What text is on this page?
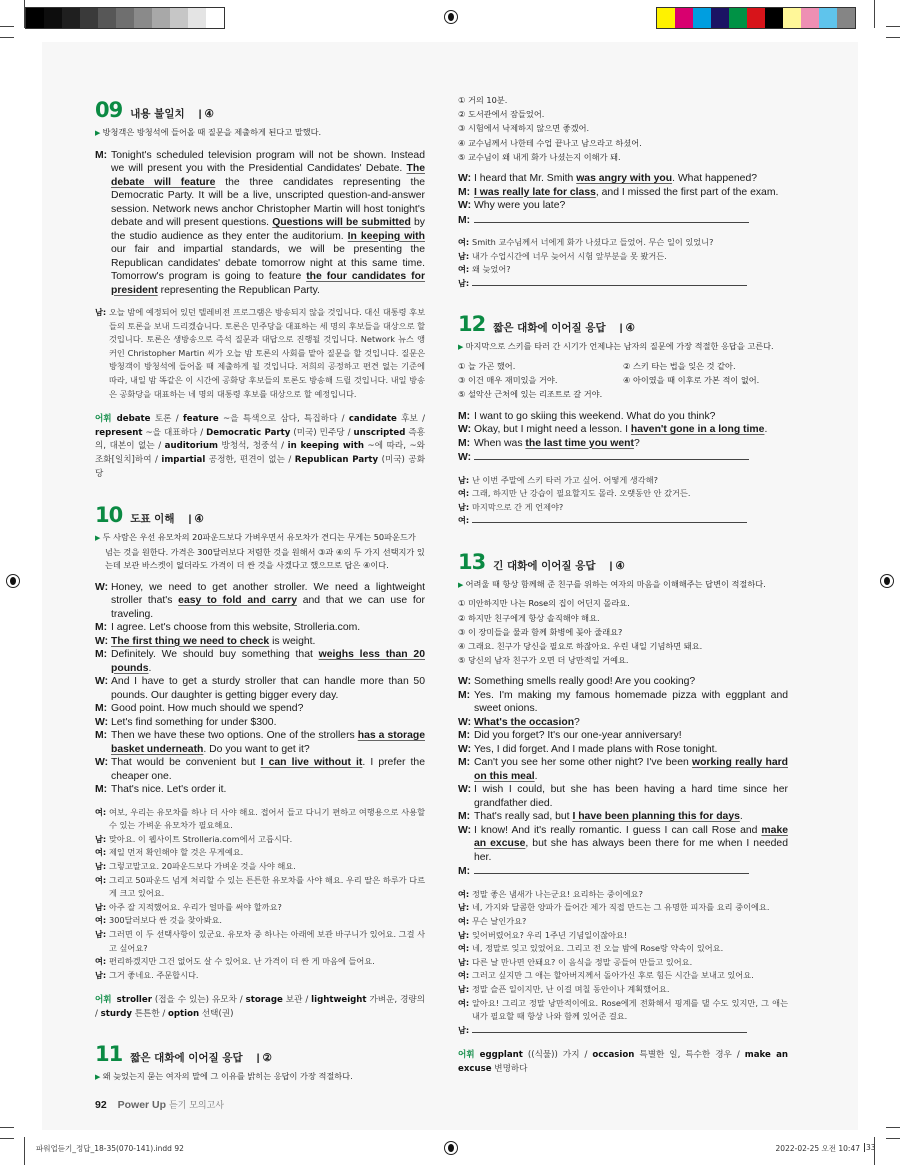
파워업듣기_정답_18-35(070-141).indd 92	2022-02-25 오전 10:47 33
09 내용 불일치 | ④
▶ 방청객은 방청석에 들어올 때 질문을 제출하게 된다고 말했다.
M: Tonight's scheduled television program will not be shown. Instead we will present you with the Presidential Candidates' Debate. The debate will feature the three candidates representing the Democratic Party. It will be a live, unscripted question-and-answer session. Network news anchor Christopher Martin will host tonight's debate and will present questions. Questions will be submitted by the studio audience as they enter the auditorium. In keeping with our fair and impartial standards, we will be presenting the Republican candidates' debate tomorrow night at this same time. Tomorrow's program is going to feature the four candidates for president representing the Republican Party.
남: 오늘 밤에 예정되어 있던 텔레비전 프로그램은 방송되지 않을 것입니다. 대신 대통령 후보들의 토론을 보내 드리겠습니다. 토론은 민주당을 대표하는 세 명의 후보들을 대상으로 할 것입니다. 토론은 생방송으로 즉석 질문과 대답으로 진행될 것입니다. Network 뉴스 앵커인 Christopher Martin 씨가 오늘 밤 토론의 사회를 맡아 질문을 할 것입니다. 질문은 방청객이 방청석에 들어올 때 제출하게 될 것입니다. 저희의 공정하고 편견 없는 기준에 따라, 내일 밤 똑같은 이 시간에 공화당 후보들의 토론도 방송해 드릴 것입니다. 내일 방송은 공화당을 대표하는 네 명의 대통령 후보를 대상으로 할 예정입니다.
어휘 debate 토론 / feature ~을 특색으로 삼다, 특집하다 / candidate 후보 / represent ~을 대표하다 / Democratic Party (미국) 민주당 / unscripted 즉흥의, 대본이 없는 / auditorium 방청석, 청중석 / in keeping with ~에 따라, ~와 조화[일치]하여 / impartial 공정한, 편견이 없는 / Republican Party (미국) 공화당
10 도표 이해 | ④
▶ 두 사람은 우선 유모차의 20파운드보다 가벼우면서 유모차가 견디는 무게는 50파운드가 넘는 것을 원한다. 가격은 300달러보다 저렴한 것을 원해서 ③과 ④의 두 가지 선택지가 있는데 보관 바스켓이 없더라도 가격이 더 싼 것을 사겠다고 했으므로 답은 ④이다.
W: Honey, we need to get another stroller. We need a lightweight stroller that's easy to fold and carry and that we can use for traveling.
M: I agree. Let's choose from this website, Strolleria.com.
W: The first thing we need to check is weight.
M: Definitely. We should buy something that weighs less than 20 pounds.
W: And I have to get a sturdy stroller that can handle more than 50 pounds. Our daughter is getting bigger every day.
M: Good point. How much should we spend?
W: Let's find something for under $300.
M: Then we have these two options. One of the strollers has a storage basket underneath. Do you want to get it?
W: That would be convenient but I can live without it. I prefer the cheaper one.
M: That's nice. Let's order it.
여: 여보, 우리는 유모차를 하나 더 사야 해요. 접어서 들고 다니기 편하고 여행용으로 사용할 수 있는 가벼운 유모차가 필요해요.
남: 맞아요. 이 웹사이트 Strolleria.com에서 고릅시다.
여: 제일 먼저 확인해야 할 것은 무게예요.
남: 그렇고말고요. 20파운드보다 가벼운 것을 사야 해요.
여: 그리고 50파운드 넘게 처리할 수 있는 튼튼한 유모차를 사야 해요. 우리 딸은 하루가 다르게 크고 있어요.
남: 아주 잘 지적했어요. 우리가 얼마를 써야 할까요?
여: 300달러보다 싼 것을 찾아봐요.
남: 그러면 이 두 선택사항이 있군요. 유모차 중 하나는 아래에 보관 바구니가 있어요. 그걸 사고 싶어요?
여: 편리하겠지만 그건 없어도 살 수 있어요. 난 가격이 더 싼 게 마음에 들어요.
남: 그거 좋네요. 주문합시다.
어휘 stroller (접을 수 있는) 유모차 / storage 보관 / lightweight 가벼운, 경량의 / sturdy 튼튼한 / option 선택(권)
11 짧은 대화에 이어질 응답 | ②
▶ 왜 늦었는지 묻는 여자의 말에 그 이유를 밝히는 응답이 가장 적절하다.
92 Power Up 듣기 모의고사
① 거의 10분.
② 도서관에서 잠들었어.
③ 시험에서 낙제하지 않으면 좋겠어.
④ 교수님께서 나한테 수업 끝나고 남으라고 하셨어.
⑤ 교수님이 왜 내게 화가 나셨는지 이해가 돼.
W: I heard that Mr. Smith was angry with you. What happened?
M: I was really late for class, and I missed the first part of the exam.
W: Why were you late?
M:
여: Smith 교수님께서 너에게 화가 나셨다고 들었어. 무슨 일이 있었니?
남: 내가 수업시간에 너무 늦어서 시험 앞부분을 못 봤거든.
여: 왜 늦었어?
남:
12 짧은 대화에 이어질 응답 | ④
▶ 마지막으로 스키를 타러 간 시기가 언제냐는 남자의 질문에 가장 적절한 응답을 고른다.
① 늘 가곤 했어.	② 스키 타는 법을 잊은 것 같아.
③ 이건 매우 재미있을 거야.	④ 아이였을 때 이후로 가본 적이 없어.
⑤ 설악산 근처에 있는 리조트로 갈 거야.
M: I want to go skiing this weekend. What do you think?
W: Okay, but I might need a lesson. I haven't gone in a long time.
M: When was the last time you went?
W:
남: 난 이번 주말에 스키 타러 가고 싶어. 어떻게 생각해?
여: 그래, 하지만 난 강습이 필요할지도 몰라. 오랫동안 안 갔거든.
남: 마지막으로 간 게 언제야?
여:
13 긴 대화에 이어질 응답 | ④
▶ 어려울 때 항상 함께해 준 친구를 위하는 여자의 마음을 이해해주는 답변이 적절하다.
① 미안하지만 나는 Rose의 집이 어딘지 몰라요.
② 하지만 친구에게 항상 솔직해야 해요.
③ 이 장미들을 물과 함께 화병에 꽂아 줄래요?
④ 그래요. 친구가 당신을 필요로 하잖아요. 우린 내일 기념하면 돼요.
⑤ 당신의 남자 친구가 오면 더 낭만적일 거예요.
W: Something smells really good! Are you cooking?
M: Yes. I'm making my famous homemade pizza with eggplant and sweet onions.
W: What's the occasion?
M: Did you forget? It's our one-year anniversary!
W: Yes, I did forget. And I made plans with Rose tonight.
M: Can't you see her some other night? I've been working really hard on this meal.
W: I wish I could, but she has been having a hard time since her grandfather died.
M: That's really sad, but I have been planning this for days.
W: I know! And it's really romantic. I guess I can call Rose and make an excuse, but she has always been there for me when I needed her.
M:
여: 정말 좋은 냄새가 나는군요! 요리하는 중이에요?
남: 네, 가지와 달콤한 양파가 들어간 제가 직접 만드는 그 유명한 피자를 요리 중이에요.
여: 무슨 날인가요?
남: 잊어버렸어요? 우리 1주년 기념일이잖아요!
여: 네, 정말로 잊고 있었어요. 그리고 전 오늘 밤에 Rose랑 약속이 있어요.
남: 다른 날 만나면 안돼요? 이 음식을 정말 공들여 만들고 있어요.
여: 그러고 싶지만 그 애는 할아버지께서 돌아가신 후로 힘든 시간을 보내고 있어요.
남: 정말 슬픈 일이지만, 난 이걸 며칠 동안이나 계획했어요.
여: 알아요! 그리고 정말 낭만적이에요. Rose에게 전화해서 핑계를 댈 수도 있지만, 그 애는 내가 필요할 때 항상 나와 함께 있어준 걸요.
남:
어휘 eggplant ((식물)) 가지 / occasion 특별한 일, 특수한 경우 / make an excuse 변명하다
